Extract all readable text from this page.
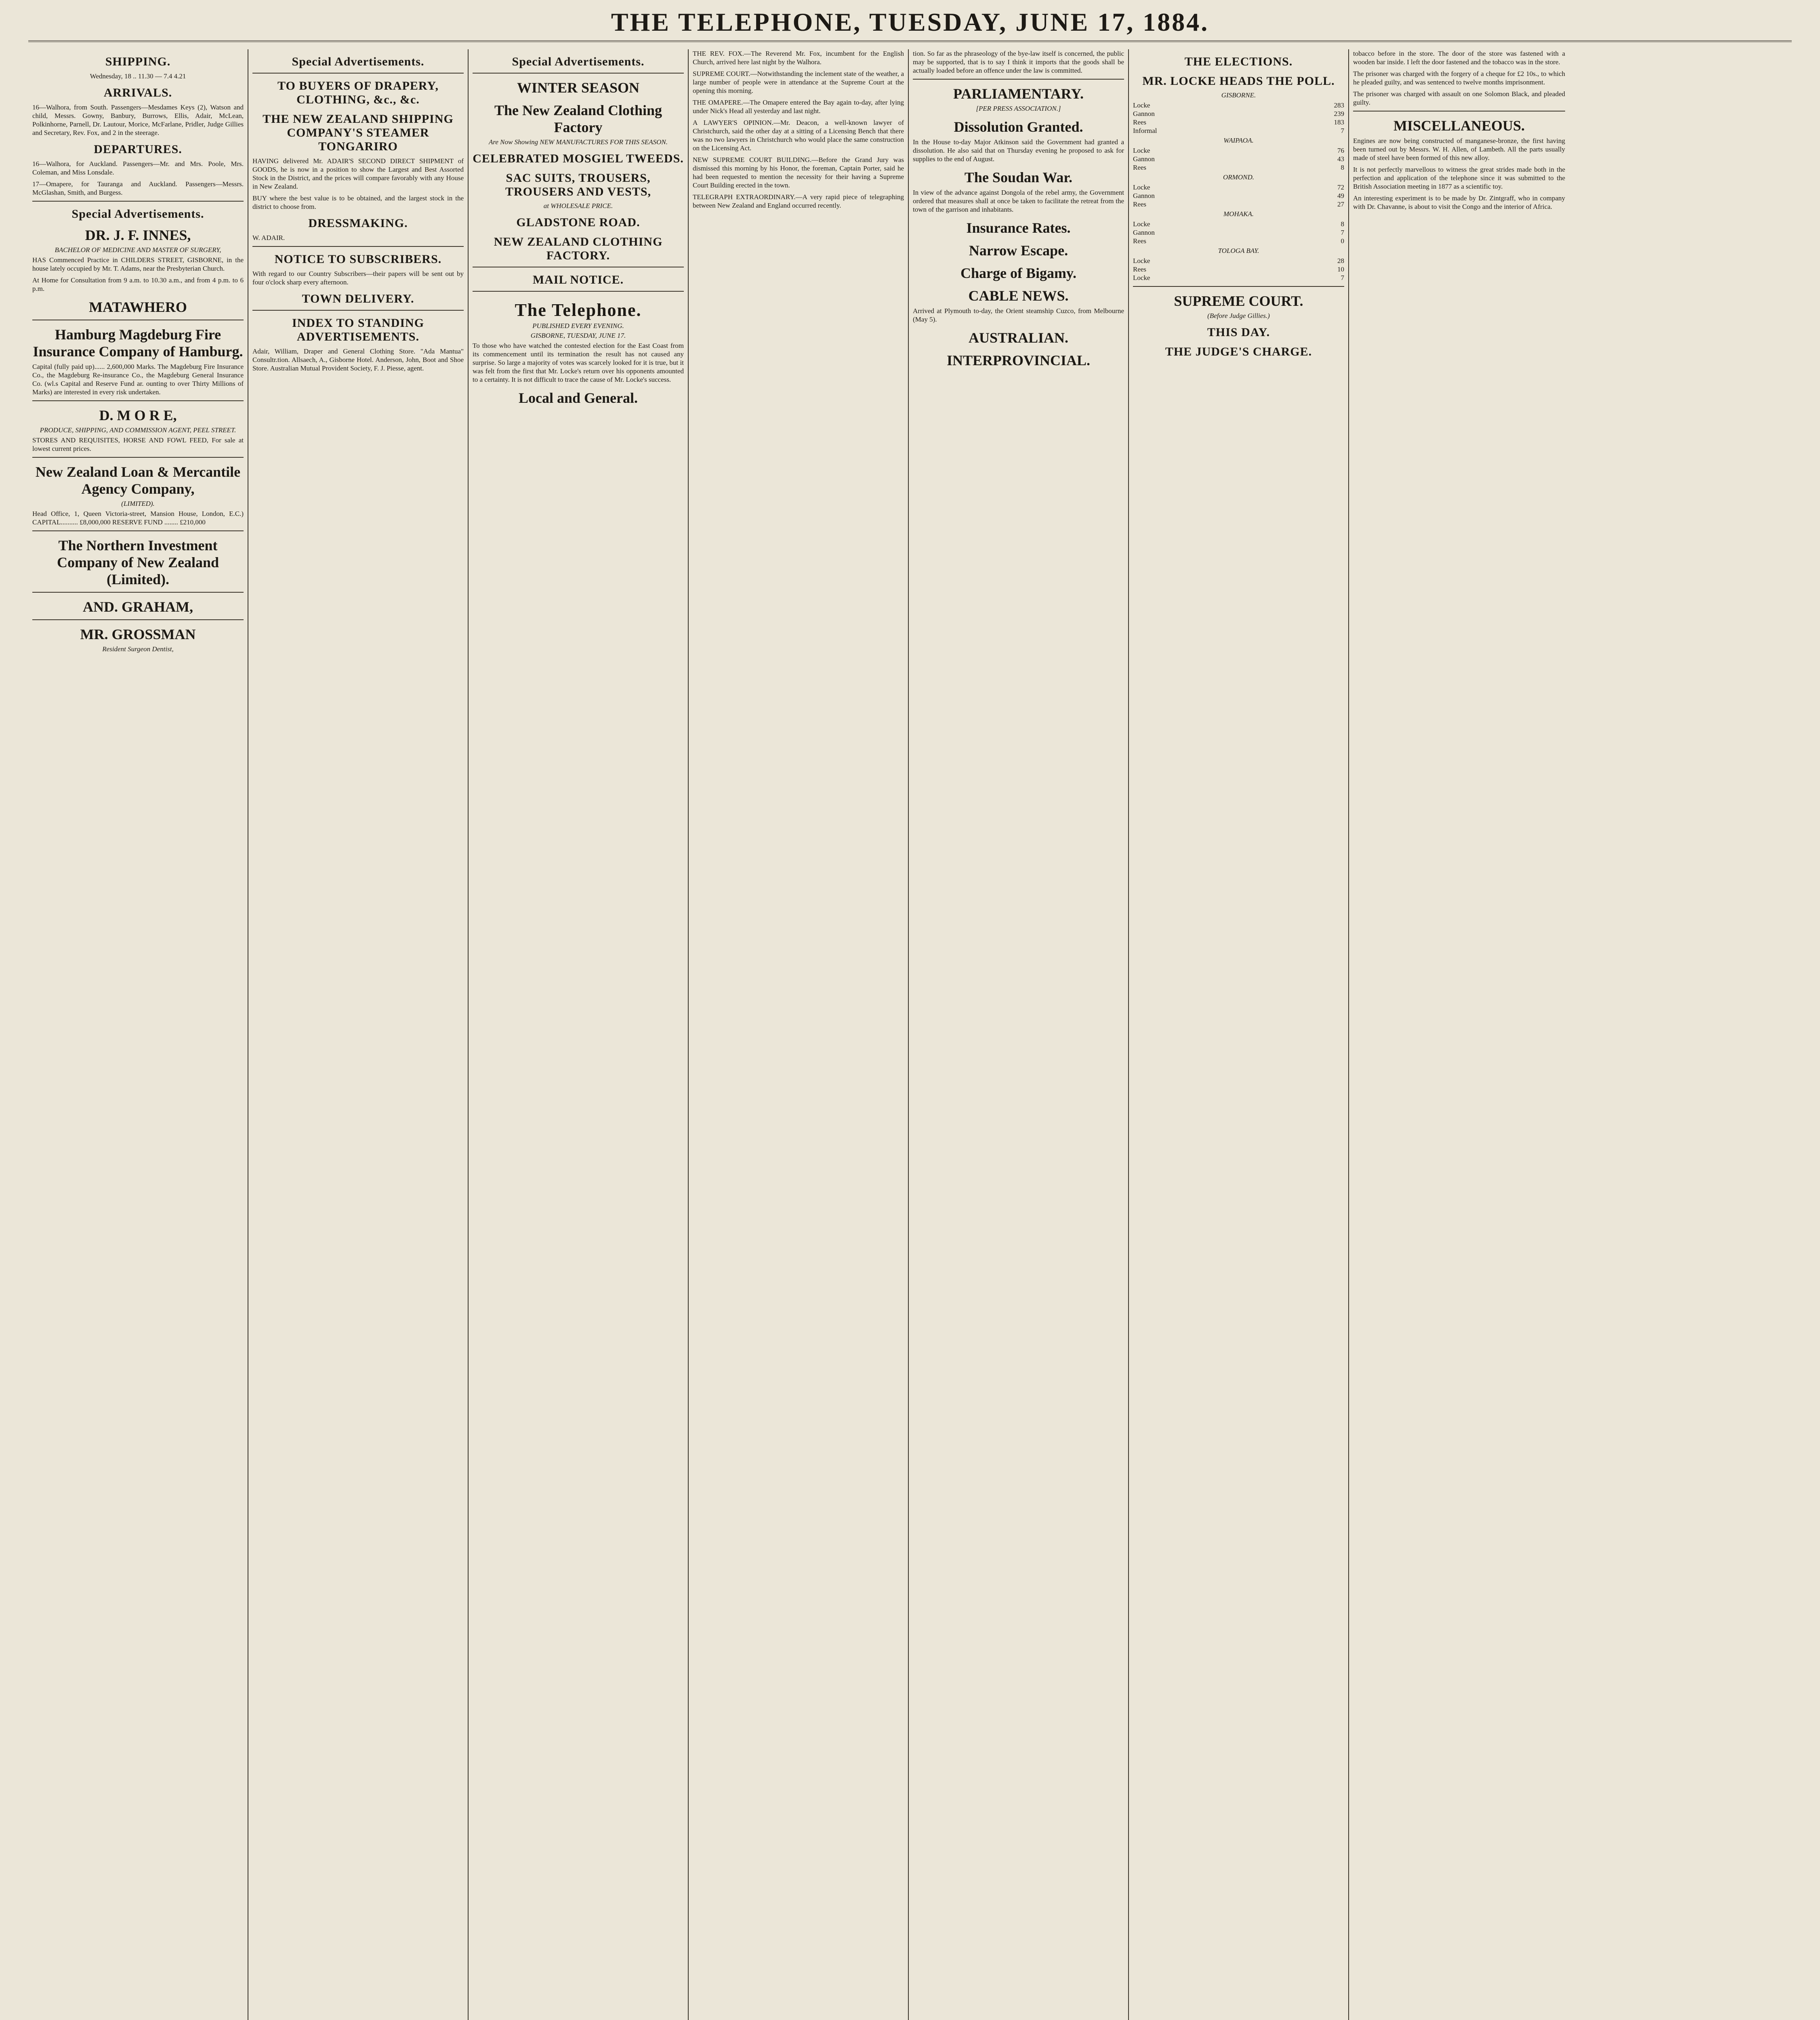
THE TELEPHONE, TUESDAY, JUNE 17, 1884.
SHIPPING.
Wednesday, 18 .. 11.30 — 7.4 4.21
ARRIVALS.
16—Walhora, from South. Passengers—Mesdames Keys (2), Watson and child, Messrs. Gowny, Banbury, Burrows, Ellis, Adair, McLean, Polkinhorne, Parnell, Dr. Lautour, Morice, McFarlane, Pridler, Judge Gillies and Secretary, Rev. Fox, and 2 in the steerage.
DEPARTURES.
16—Walhora, for Auckland. Passengers—Mr. and Mrs. Poole, Mrs. Coleman, and Miss Lonsdale.
17—Omapere, for Tauranga and Auckland. Passengers—Messrs. McGlashan, Smith, and Burgess.
Special Advertisements.
DR. J. F. INNES,
BACHELOR OF MEDICINE AND MASTER OF SURGERY,
HAS Commenced Practice in CHILDERS STREET, GISBORNE, in the house lately occupied by Mr. T. Adams, near the Presbyterian Church.
At Home for Consultation from 9 a.m. to 10.30 a.m., and from 4 p.m. to 6 p.m.
MATAWHERO
Hamburg Magdeburg Fire Insurance Company of Hamburg.
Capital (fully paid up)...... 2,600,000 Marks. The Magdeburg Fire Insurance Co., the Magdeburg Re-insurance Co., the Magdeburg General Insurance Co. (wl.s Capital and Reserve Fund ar. ounting to over Thirty Millions of Marks) are interested in every risk undertaken.
D. M O R E,
PRODUCE, SHIPPING, AND COMMISSION AGENT, PEEL STREET.
STORES AND REQUISITES, HORSE AND FOWL FEED, For sale at lowest current prices.
New Zealand Loan & Mercantile Agency Company,
(LIMITED).
Head Office, 1, Queen Victoria-street, Mansion House, London, E.C.) CAPITAL.......... £8,000,000 RESERVE FUND ........ £210,000
The Northern Investment Company of New Zealand (Limited).
AND. GRAHAM,
MR. GROSSMAN
Resident Surgeon Dentist,
Special Advertisements.
TO BUYERS OF DRAPERY, CLOTHING, &c., &c.
THE NEW ZEALAND SHIPPING COMPANY'S STEAMER TONGARIRO
HAVING delivered Mr. ADAIR'S SECOND DIRECT SHIPMENT of GOODS, he is now in a position to show the Largest and Best Assorted Stock in the District, and the prices will compare favorably with any House in New Zealand.
BUY where the best value is to be obtained, and the largest stock in the district to choose from.
DRESSMAKING.
W. ADAIR.
NOTICE TO SUBSCRIBERS.
With regard to our Country Subscribers—their papers will be sent out by four o'clock sharp every afternoon.
TOWN DELIVERY.
INDEX TO STANDING ADVERTISEMENTS.
Adair, William, Draper and General Clothing Store. "Ada Mantua" Consultr.tion. Allsaech, A., Gisborne Hotel. Anderson, John, Boot and Shoe Store. Australian Mutual Provident Society, F. J. Piesse, agent.
Special Advertisements.
WINTER SEASON
The New Zealand Clothing Factory
Are Now Showing NEW MANUFACTURES FOR THIS SEASON.
CELEBRATED MOSGIEL TWEEDS.
SAC SUITS, TROUSERS, TROUSERS AND VESTS,
at WHOLESALE PRICE.
GLADSTONE ROAD.
NEW ZEALAND CLOTHING FACTORY.
MAIL NOTICE.
The Telephone.
PUBLISHED EVERY EVENING.
GISBORNE, TUESDAY, JUNE 17.
To those who have watched the contested election for the East Coast from its commencement until its termination the result has not caused any surprise. So large a majority of votes was scarcely looked for it is true, but it was felt from the first that Mr. Locke's return over his opponents amounted to a certainty. It is not difficult to trace the cause of Mr. Locke's success.
Local and General.
THE REV. FOX.—The Reverend Mr. Fox, incumbent for the English Church, arrived here last night by the Walhora.
SUPREME COURT.—Notwithstanding the inclement state of the weather, a large number of people were in attendance at the Supreme Court at the opening this morning.
THE OMAPERE.—The Omapere entered the Bay again to-day, after lying under Nick's Head all yesterday and last night.
A LAWYER'S OPINION.—Mr. Deacon, a well-known lawyer of Christchurch, said the other day at a sitting of a Licensing Bench that there was no two lawyers in Christchurch who would place the same construction on the Licensing Act.
NEW SUPREME COURT BUILDING.—Before the Grand Jury was dismissed this morning by his Honor, the foreman, Captain Porter, said he had been requested to mention the necessity for their having a Supreme Court Building erected in the town.
TELEGRAPH EXTRAORDINARY.—A very rapid piece of telegraphing between New Zealand and England occurred recently.
tion. So far as the phraseology of the bye-law itself is concerned, the public may be supported, that is to say I think it imports that the goods shall be actually loaded before an offence under the law is committed.
PARLIAMENTARY.
[PER PRESS ASSOCIATION.]
Dissolution Granted.
In the House to-day Major Atkinson said the Government had granted a dissolution. He also said that on Thursday evening he proposed to ask for supplies to the end of August.
The Soudan War.
In view of the advance against Dongola of the rebel army, the Government ordered that measures shall at once be taken to facilitate the retreat from the town of the garrison and inhabitants.
Insurance Rates.
Narrow Escape.
Charge of Bigamy.
CABLE NEWS.
Arrived at Plymouth to-day, the Orient steamship Cuzco, from Melbourne (May 5).
AUSTRALIAN.
INTERPROVINCIAL.
THE ELECTIONS.
MR. LOCKE HEADS THE POLL.
GISBORNE.
Locke	283
Gannon	239
Rees	183
Informal	7
WAIPAOA.
Locke	76
Gannon	43
Rees	8
ORMOND.
Locke	72
Gannon	49
Rees	27
MOHAKA.
Locke	8
Gannon	7
Rees	0
TOLOGA BAY.
Locke	28
Rees	10
Locke	7
SUPREME COURT.
(Before Judge Gillies.)
THIS DAY.
THE JUDGE'S CHARGE.
tobacco before in the store. The door of the store was fastened with a wooden bar inside. I left the door fastened and the tobacco was in the store.
The prisoner was charged with the forgery of a cheque for £2 10s., to which he pleaded guilty, and was sentenced to twelve months imprisonment.
The prisoner was charged with assault on one Solomon Black, and pleaded guilty.
MISCELLANEOUS.
Engines are now being constructed of manganese-bronze, the first having been turned out by Messrs. W. H. Allen, of Lambeth. All the parts usually made of steel have been formed of this new alloy.
It is not perfectly marvellous to witness the great strides made both in the perfection and application of the telephone since it was submitted to the British Association meeting in 1877 as a scientific toy.
An interesting experiment is to be made by Dr. Zintgraff, who in company with Dr. Chavanne, is about to visit the Congo and the interior of Africa.
